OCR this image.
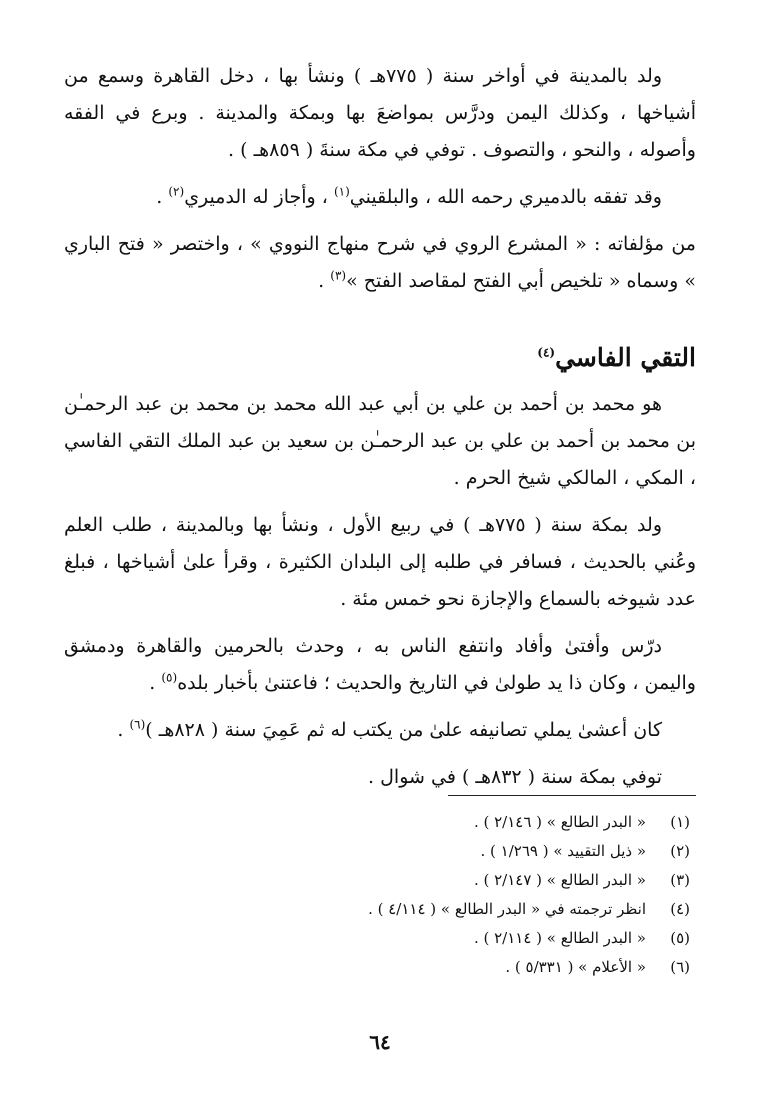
ولد بالمدينة في أواخر سنة ( ٧٧٥هـ ) ونشأ بها ، دخل القاهرة وسمع من أشياخها ، وكذلك اليمن ودرَّس بمواضعَ بها وبمكة والمدينة . وبرع في الفقه وأصوله ، والنحو ، والتصوف . توفي في مكة سنةَ ( ٨٥٩هـ ) .

وقد تفقه بالدميري رحمه الله ، والبلقيني$^{(١)}$ ، وأجاز له الدميري$^{(٢)}$ .

من مؤلفاته : « المشرع الروي في شرح منهاج النووي » ، واختصر « فتح الباري » وسماه « تلخيص أبي الفتح لمقاصد الفتح »$^{(٣)}$ .

التقي الفاسي$^{(٤)}$

هو محمد بن أحمد بن علي بن أبي عبد الله محمد بن محمد بن عبد الرحمـٰن بن محمد بن أحمد بن علي بن عبد الرحمـٰن بن سعيد بن عبد الملك التقي الفاسي ، المكي ، المالكي شيخ الحرم .

ولد بمكة سنة ( ٧٧٥هـ ) في ربيع الأول ، ونشأ بها وبالمدينة ، طلب العلم وعُني بالحديث ، فسافر في طلبه إلى البلدان الكثيرة ، وقرأ علىٰ أشياخها ، فبلغ عدد شيوخه بالسماع والإجازة نحو خمس مئة .

درّس وأفتىٰ وأفاد وانتفع الناس به ، وحدث بالحرمين والقاهرة ودمشق واليمن ، وكان ذا يد طولىٰ في التاريخ والحديث ؛ فاعتنىٰ بأخبار بلده$^{(٥)}$ .

كان أعشىٰ يملي تصانيفه علىٰ من يكتب له ثم عَمِيَ سنة ( ٨٢٨هـ )$^{(٦)}$ .

توفي بمكة سنة ( ٨٣٢هـ ) في شوال .

(١)« البدر الطالع » ( ٢/١٤٦ ) .
(٢)« ذيل التقييد » ( ١/٢٦٩ ) .
(٣)« البدر الطالع » ( ٢/١٤٧ ) .
(٤)انظر ترجمته في « البدر الطالع » ( ٤/١١٤ ) .
(٥)« البدر الطالع » ( ٢/١١٤ ) .
(٦)« الأعلام » ( ٥/٣٣١ ) .
٦٤
